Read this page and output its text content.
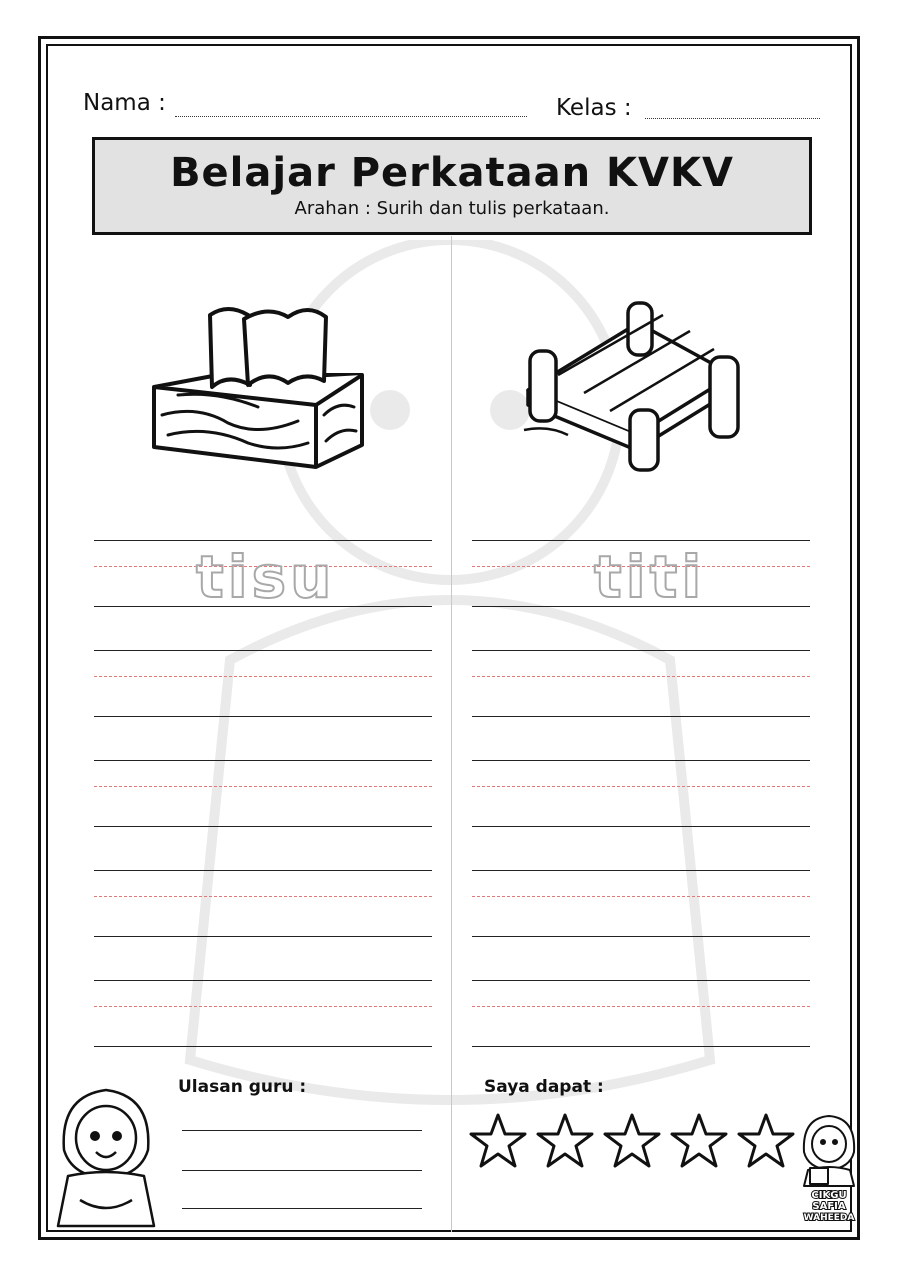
Nama :	Kelas :
Belajar Perkataan KVKV
Arahan : Surih dan tulis perkataan.
tisu	titi
Ulasan guru :	Saya dapat :
CIKGU
SAFIA
WAHEEDA
